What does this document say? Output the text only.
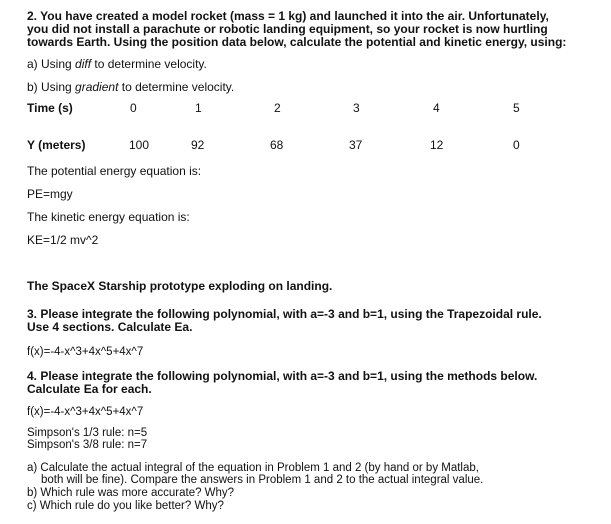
2. You have created a model rocket (mass = 1 kg) and launched it into the air. Unfortunately,
you did not install a parachute or robotic landing equipment, so your rocket is now hurtling
towards Earth. Using the position data below, calculate the potential and kinetic energy, using:
a) Using diff to determine velocity.
b) Using gradient to determine velocity.
Time (s)	0	1	2	3	4	5
Y (meters)	100	92	68	37	12	0
The potential energy equation is:
PE=mgy
The kinetic energy equation is:
KE=1/2 mv^2
The SpaceX Starship prototype exploding on landing.
3. Please integrate the following polynomial, with a=-3 and b=1, using the Trapezoidal rule.
Use 4 sections. Calculate Ea.
f(x)=-4-x^3+4x^5+4x^7
4. Please integrate the following polynomial, with a=-3 and b=1, using the methods below.
Calculate Ea for each.
f(x)=-4-x^3+4x^5+4x^7
Simpson's 1/3 rule: n=5
Simpson's 3/8 rule: n=7
a) Calculate the actual integral of the equation in Problem 1 and 2 (by hand or by Matlab,
both will be fine). Compare the answers in Problem 1 and 2 to the actual integral value.
b) Which rule was more accurate? Why?
c) Which rule do you like better? Why?
